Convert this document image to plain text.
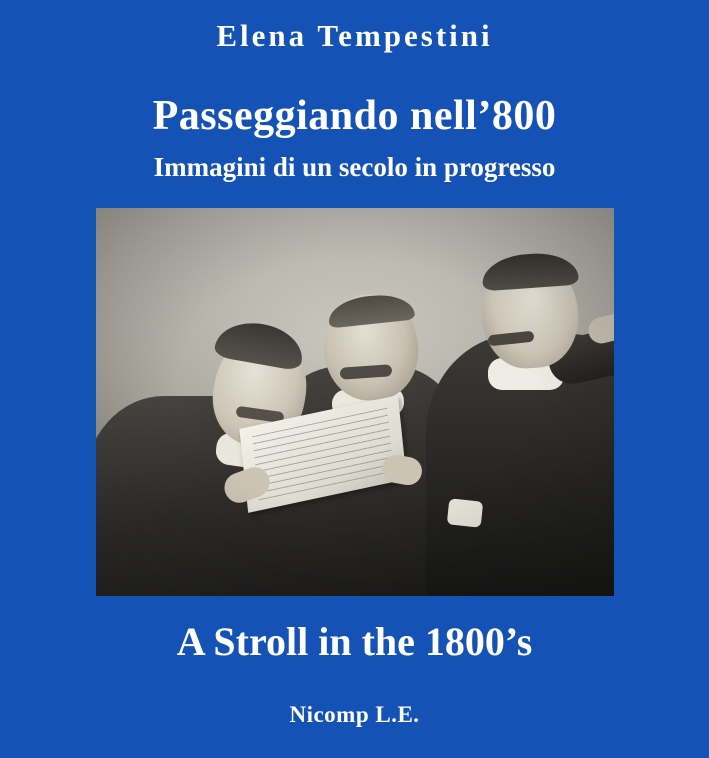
Elena Tempestini
Passeggiando nell’800
Immagini di un secolo in progresso
A Stroll in the 1800’s
Nicomp L.E.
